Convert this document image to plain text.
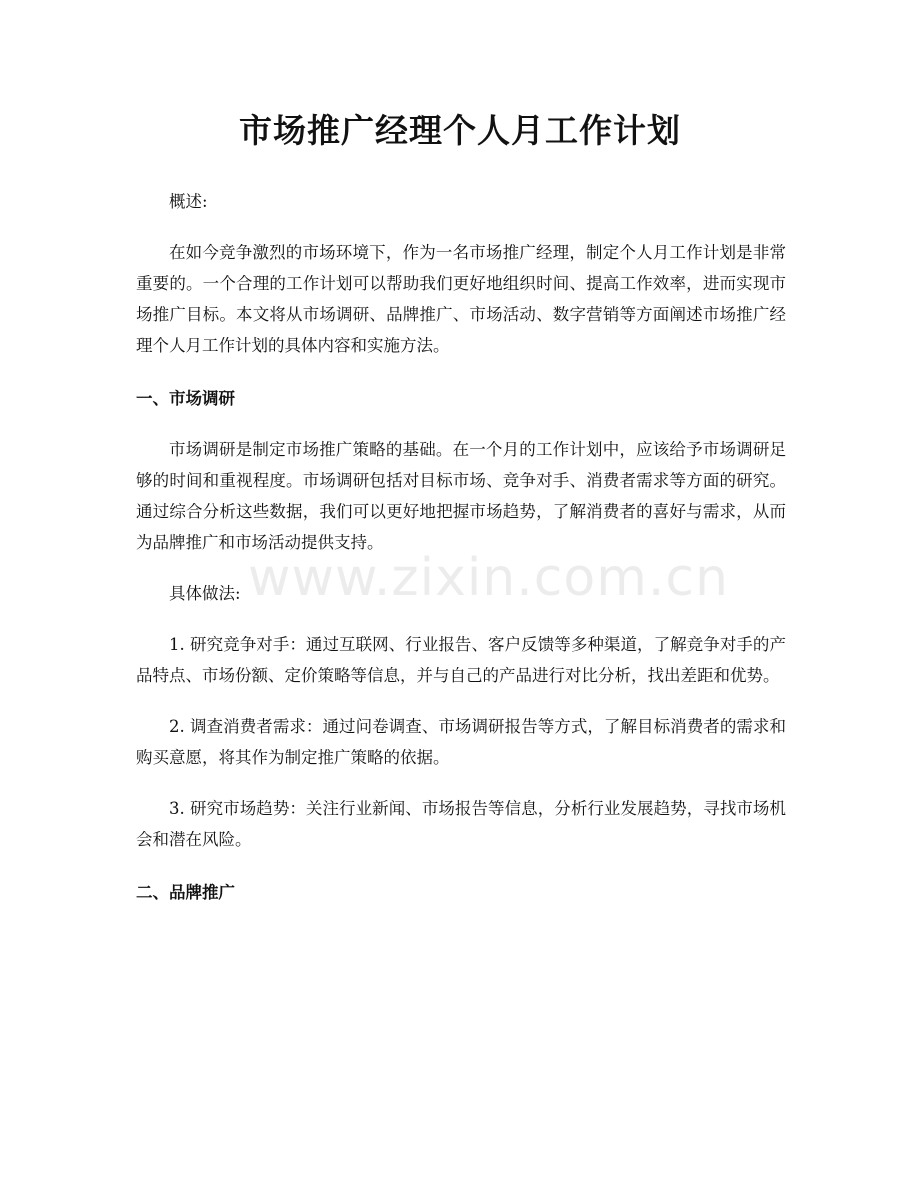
市场推广经理个人月工作计划

概述:

在如今竞争激烈的市场环境下，作为一名市场推广经理，制定个人月工作计划是非常重要的。一个合理的工作计划可以帮助我们更好地组织时间、提高工作效率，进而实现市场推广目标。本文将从市场调研、品牌推广、市场活动、数字营销等方面阐述市场推广经理个人月工作计划的具体内容和实施方法。

一、市场调研

市场调研是制定市场推广策略的基础。在一个月的工作计划中，应该给予市场调研足够的时间和重视程度。市场调研包括对目标市场、竞争对手、消费者需求等方面的研究。通过综合分析这些数据，我们可以更好地把握市场趋势，了解消费者的喜好与需求，从而为品牌推广和市场活动提供支持。

具体做法:

1. 研究竞争对手：通过互联网、行业报告、客户反馈等多种渠道，了解竞争对手的产品特点、市场份额、定价策略等信息，并与自己的产品进行对比分析，找出差距和优势。

2. 调查消费者需求：通过问卷调查、市场调研报告等方式，了解目标消费者的需求和购买意愿，将其作为制定推广策略的依据。

3. 研究市场趋势：关注行业新闻、市场报告等信息，分析行业发展趋势，寻找市场机会和潜在风险。

二、品牌推广

www.zixin.com.cn
